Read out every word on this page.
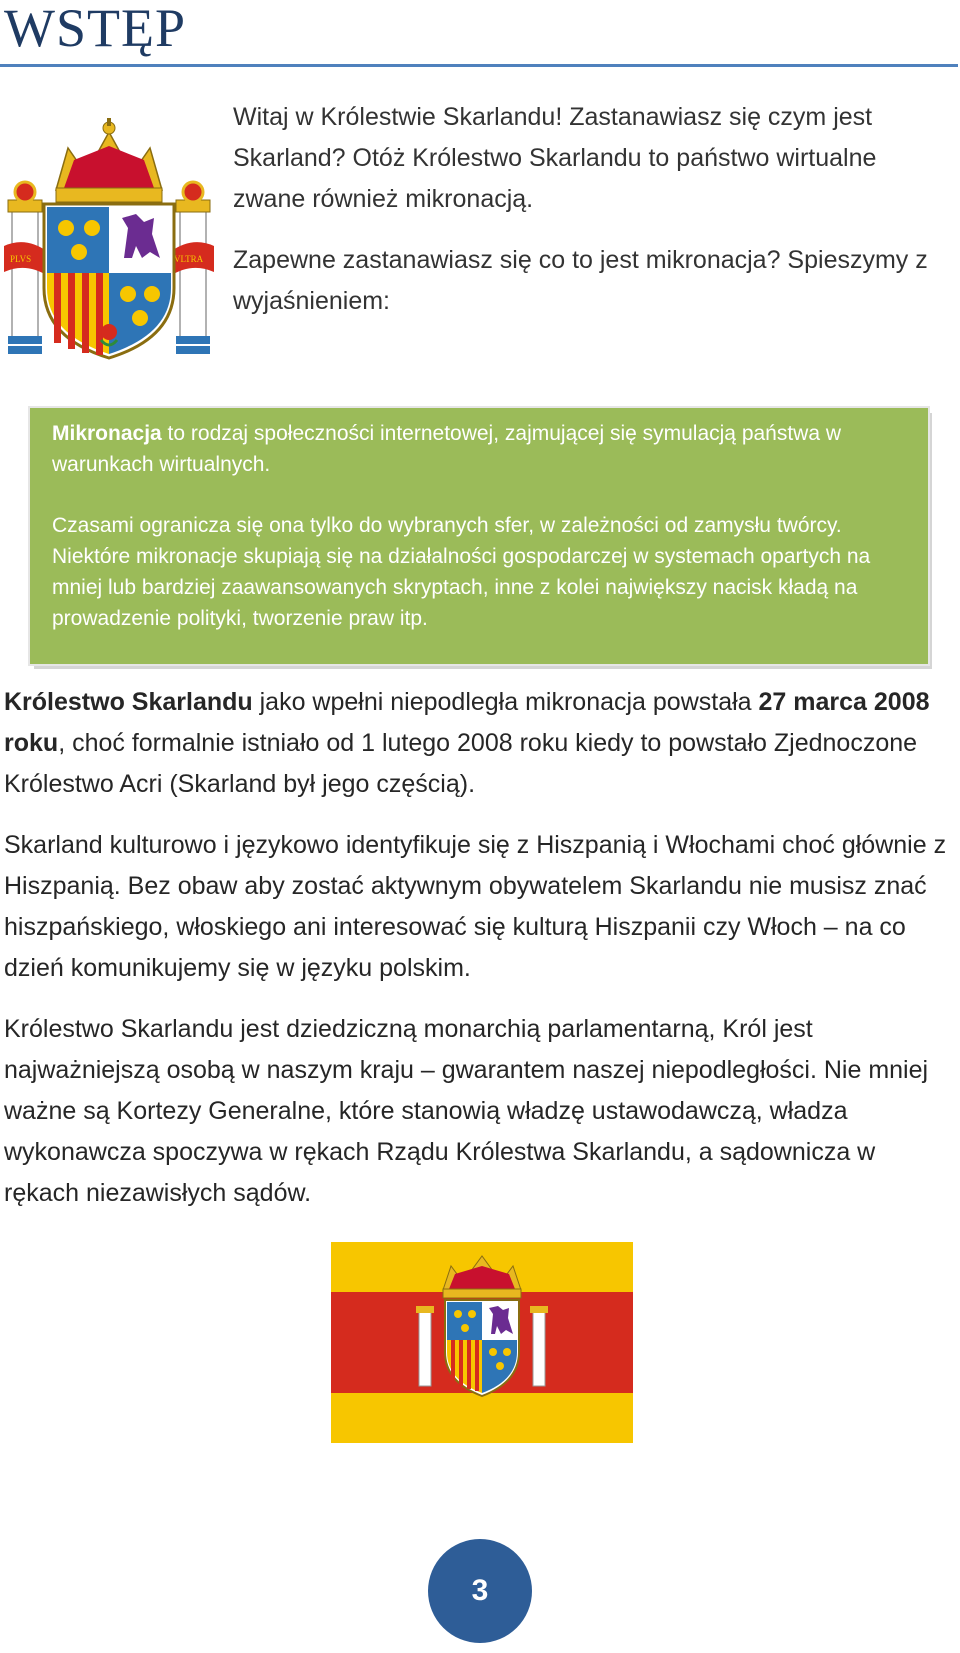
WSTĘP
PLVS	VLTRA

Witaj w Królestwie Skarlandu! Zastanawiasz się czym jest Skarland? Otóż Królestwo Skarlandu to państwo wirtualne zwane również mikronacją.

Zapewne zastanawiasz się co to jest mikronacja? Spieszymy z wyjaśnieniem:

Mikronacja to rodzaj społeczności internetowej, zajmującej się symulacją państwa w warunkach wirtualnych.

Czasami ogranicza się ona tylko do wybranych sfer, w zależności od zamysłu twórcy. Niektóre mikronacje skupiają się na działalności gospodarczej w systemach opartych na mniej lub bardziej zaawansowanych skryptach, inne z kolei największy nacisk kładą na prowadzenie polityki, tworzenie praw itp.

Królestwo Skarlandu jako wpełni niepodległa mikronacja powstała 27 marca 2008 roku, choć formalnie istniało od 1 lutego 2008 roku kiedy to powstało Zjednoczone Królestwo Acri (Skarland był jego częścią).

Skarland kulturowo i językowo identyfikuje się z Hiszpanią i Włochami choć głównie z Hiszpanią. Bez obaw aby zostać aktywnym obywatelem Skarlandu nie musisz znać hiszpańskiego, włoskiego ani interesować się kulturą Hiszpanii czy Włoch – na co dzień komunikujemy się w języku polskim.

Królestwo Skarlandu jest dziedziczną monarchią parlamentarną, Król jest najważniejszą osobą w naszym kraju – gwarantem naszej niepodległości. Nie mniej ważne są Kortezy Generalne, które stanowią władzę ustawodawczą, władza wykonawcza spoczywa w rękach Rządu Królestwa Skarlandu, a sądownicza w rękach niezawisłych sądów.

3
